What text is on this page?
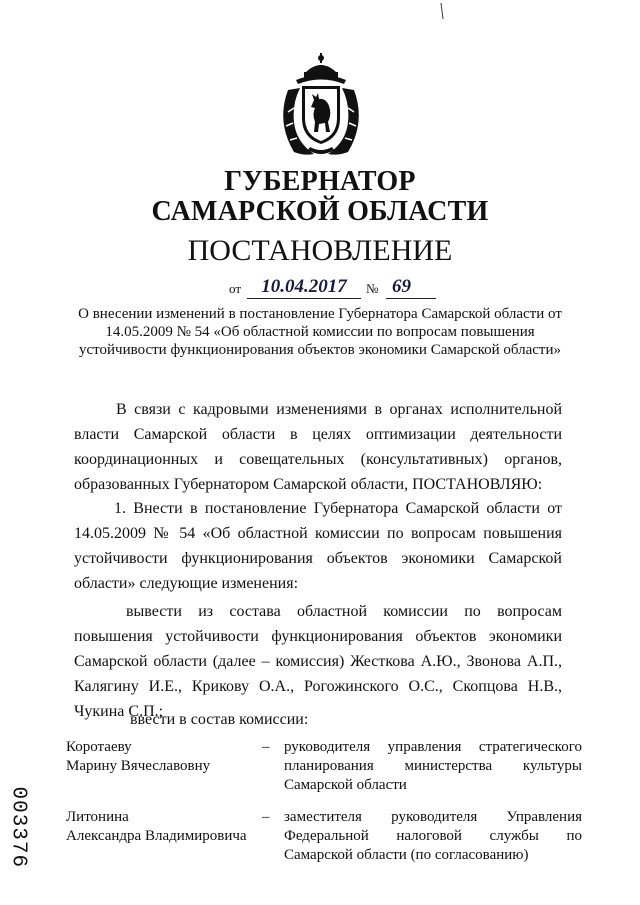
ГУБЕРНАТОР
САМАРСКОЙ ОБЛАСТИ
ПОСТАНОВЛЕНИЕ
от	10.04.2017	№ 69
О внесении изменений в постановление Губернатора Самарской области от 14.05.2009 № 54 «Об областной комиссии по вопросам повышения устойчивости функционирования объектов экономики Самарской области»
В связи с кадровыми изменениями в органах исполнительной власти Самарской области в целях оптимизации деятельности координационных и совещательных (консультативных) органов, образованных Губернатором Самарской области, ПОСТАНОВЛЯЮ:
1. Внести в постановление Губернатора Самарской области от 14.05.2009 № 54 «Об областной комиссии по вопросам повышения устойчивости функционирования объектов экономики Самарской области» следующие изменения:
вывести из состава областной комиссии по вопросам повышения устойчивости функционирования объектов экономики Самарской области (далее – комиссия) Жесткова А.Ю., Звонова А.П., Калягину И.Е., Крикову О.А., Рогожинского О.С., Скопцова Н.В., Чукина С.П.;
ввести в состав комиссии:
Коротаеву
Марину Вячеславовну
– руководителя управления стратегического планирования министерства культуры Самарской области
Литонина
Александра Владимировича
– заместителя руководителя Управления Федеральной налоговой службы по Самарской области (по согласованию)
003376
